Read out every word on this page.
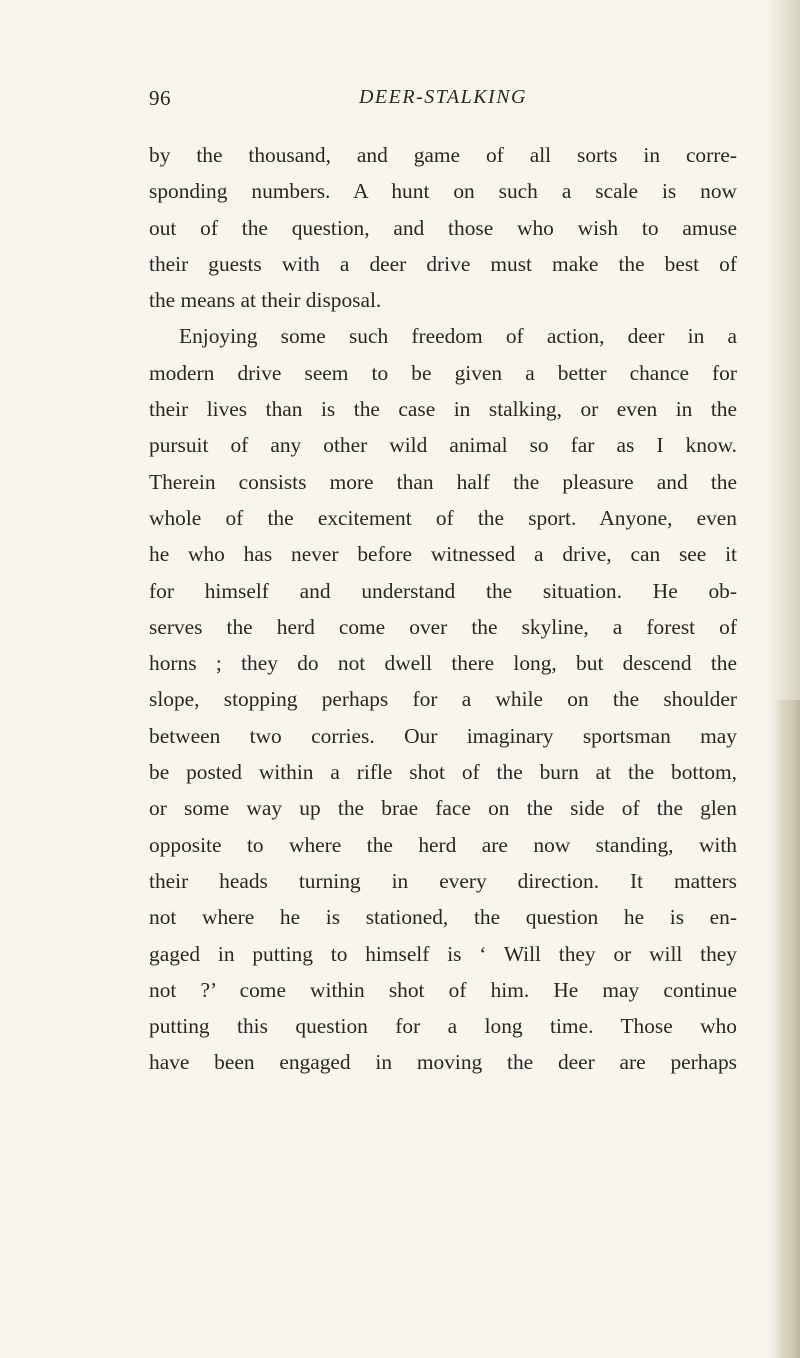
96	DEER-STALKING
by the thousand, and game of all sorts in corre-
sponding numbers. A hunt on such a scale is now
out of the question, and those who wish to amuse
their guests with a deer drive must make the best of
the means at their disposal.
Enjoying some such freedom of action, deer in a
modern drive seem to be given a better chance for
their lives than is the case in stalking, or even in the
pursuit of any other wild animal so far as I know.
Therein consists more than half the pleasure and the
whole of the excitement of the sport. Anyone, even
he who has never before witnessed a drive, can see it
for himself and understand the situation. He ob-
serves the herd come over the skyline, a forest of
horns ; they do not dwell there long, but descend the
slope, stopping perhaps for a while on the shoulder
between two corries. Our imaginary sportsman may
be posted within a rifle shot of the burn at the bottom,
or some way up the brae face on the side of the glen
opposite to where the herd are now standing, with
their heads turning in every direction. It matters
not where he is stationed, the question he is en-
gaged in putting to himself is ‘ Will they or will they
not ?’ come within shot of him. He may continue
putting this question for a long time. Those who
have been engaged in moving the deer are perhaps
